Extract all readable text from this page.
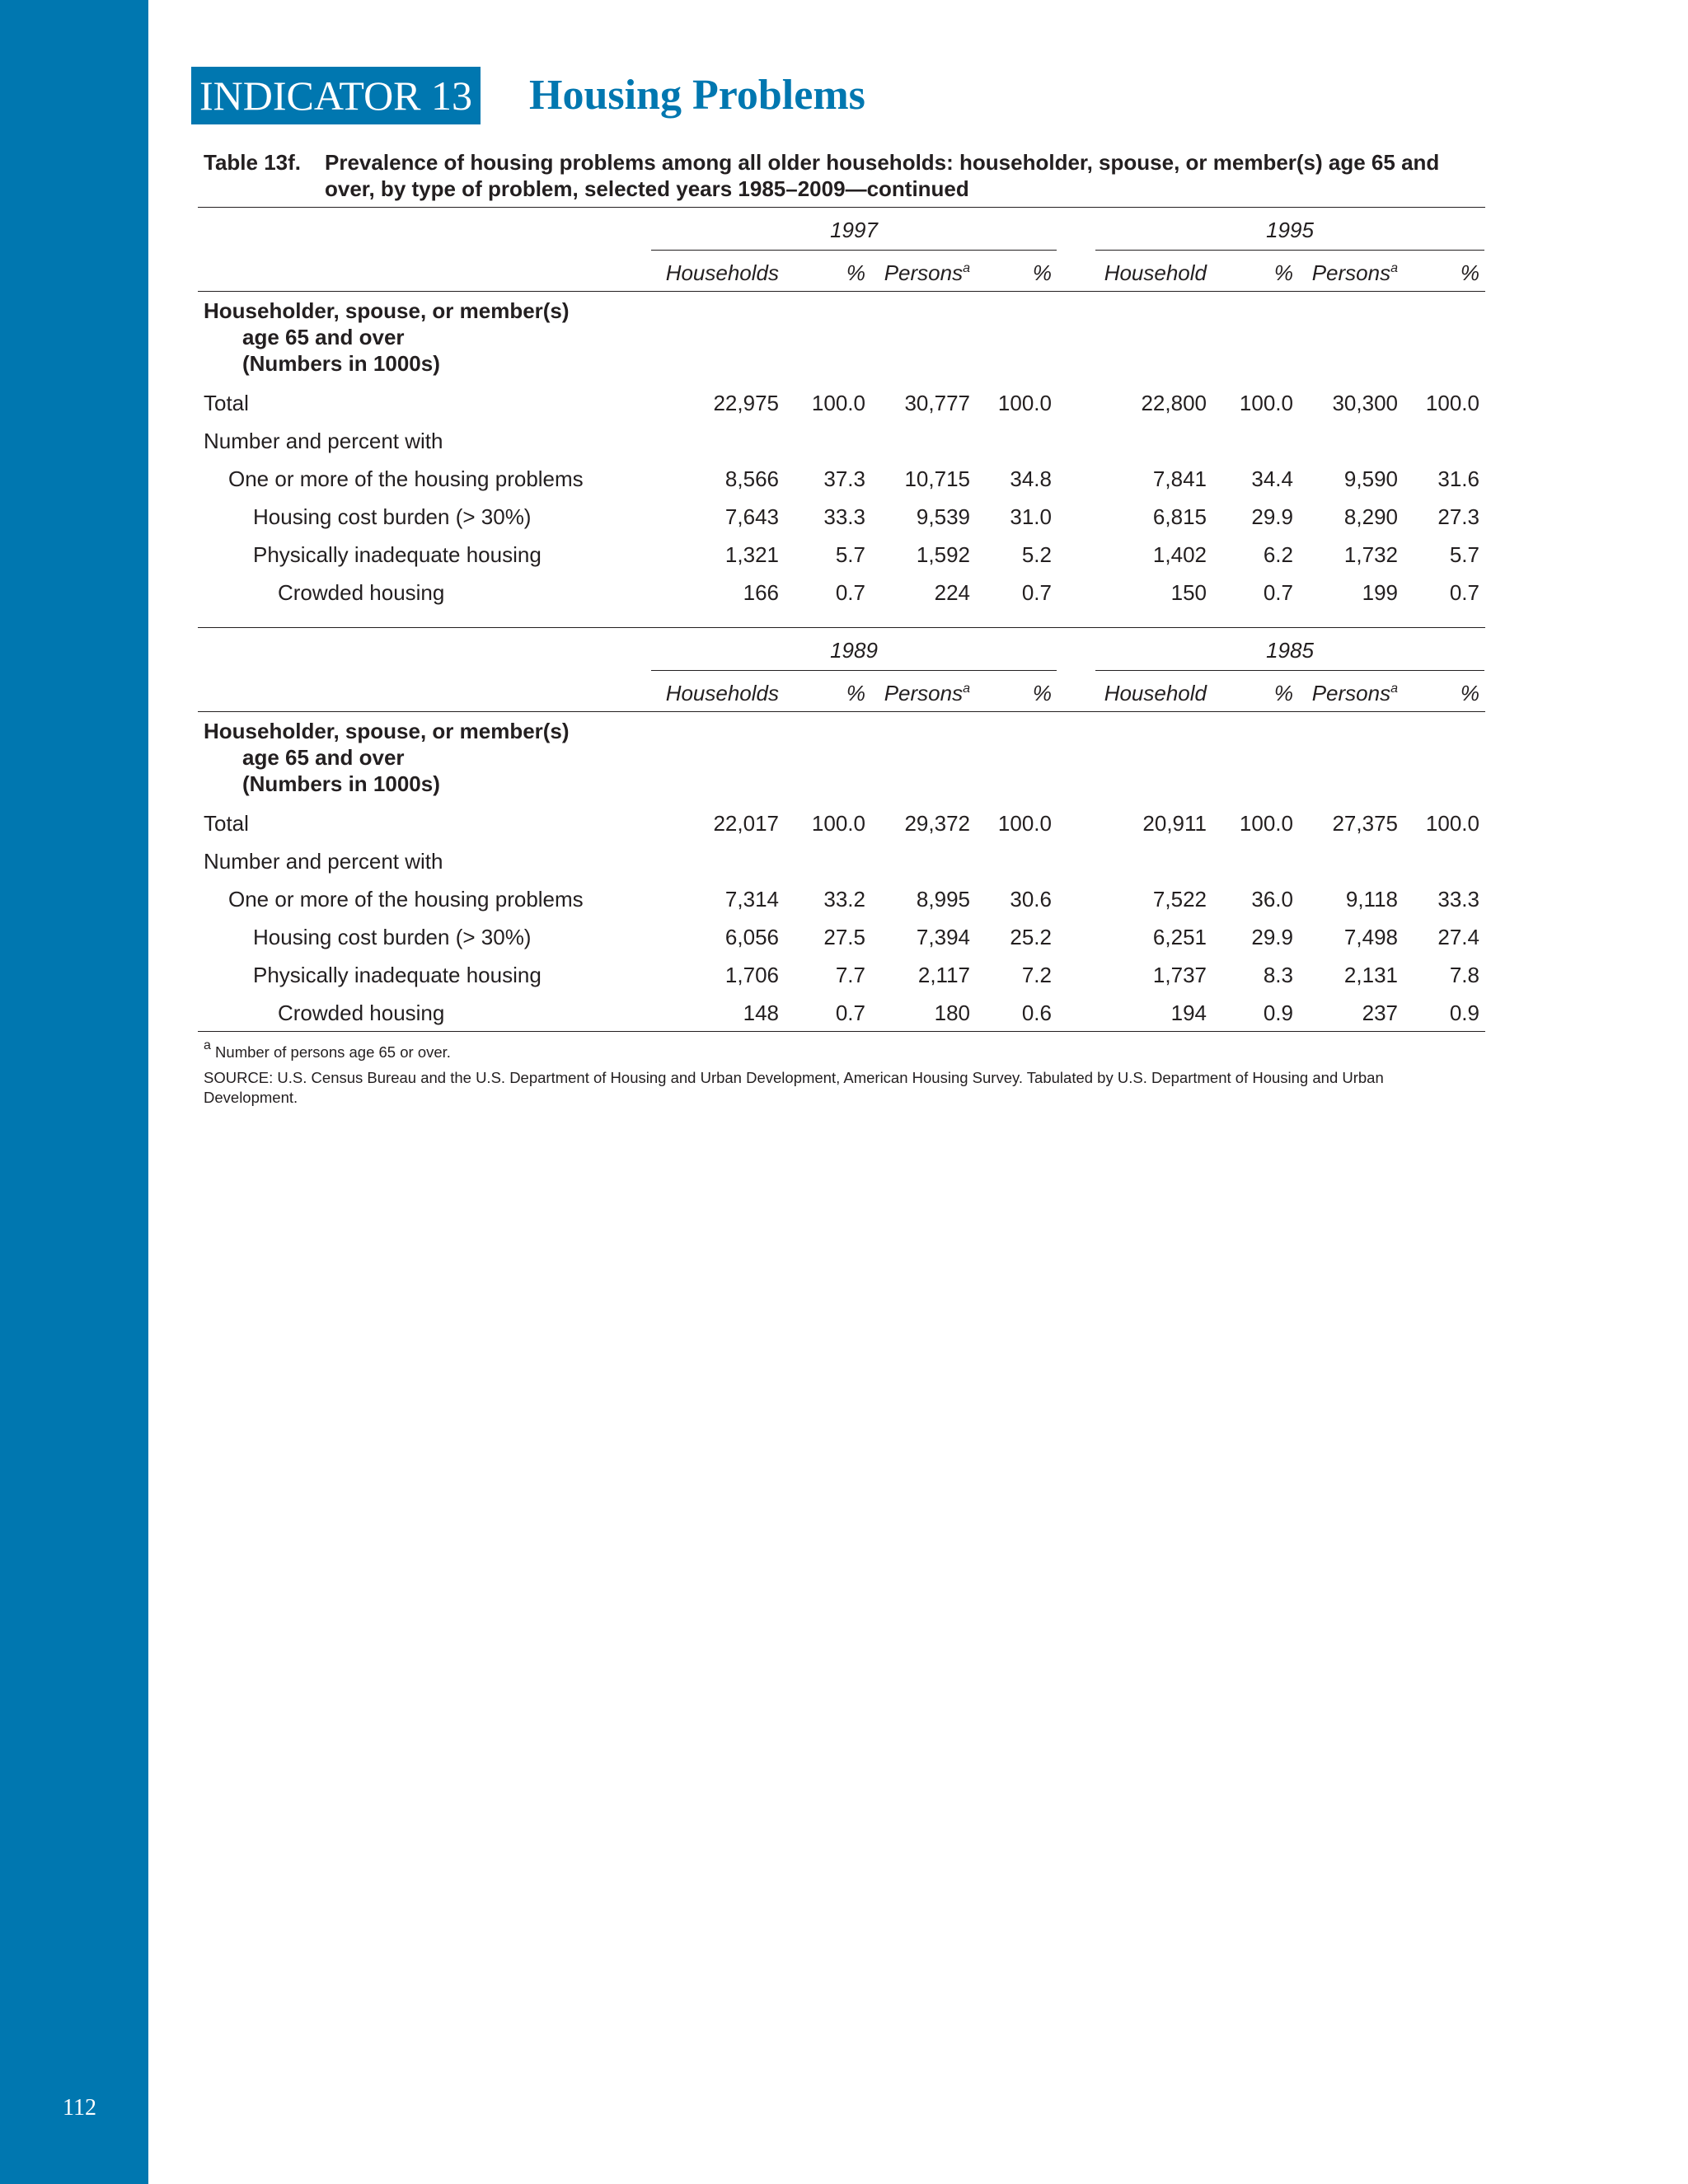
112
INDICATOR 13 Housing Problems
Table 13f. Prevalence of housing problems among all older households: householder, spouse, or member(s) age 65 and over, by type of problem, selected years 1985–2009—continued
1997	1995
Households	% Persons$^a$	% Household	% Persons$^a$	%
Householder, spouse, or member(s)
age 65 and over
(Numbers in 1000s)
Total	22,975 100.0 30,777 100.0	22,800 100.0 30,300 100.0
Number and percent with
One or more of the housing problems	8,566 37.3 10,715 34.8	7,841 34.4 9,590 31.6
Housing cost burden (> 30%)	7,643 33.3 9,539 31.0	6,815 29.9 8,290 27.3
Physically inadequate housing	1,321	5.7 1,592 5.2	1,402	6.2 1,732 5.7
Crowded housing	166	0.7	224 0.7	150	0.7	199 0.7
1989	1985
Households	% Persons$^a$	% Household	% Persons$^a$	%
Householder, spouse, or member(s)
age 65 and over
(Numbers in 1000s)
Total	22,017 100.0 29,372 100.0	20,911 100.0 27,375 100.0
Number and percent with
One or more of the housing problems	7,314 33.2 8,995 30.6	7,522 36.0 9,118 33.3
Housing cost burden (> 30%)	6,056 27.5 7,394 25.2	6,251 29.9 7,498 27.4
Physically inadequate housing	1,706	7.7 2,117 7.2	1,737	8.3 2,131 7.8
Crowded housing	148	0.7	180 0.6	194	0.9	237 0.9
$^a$ Number of persons age 65 or over.
SOURCE: U.S. Census Bureau and the U.S. Department of Housing and Urban Development, American Housing Survey. Tabulated by U.S. Department of Housing and Urban Development.
